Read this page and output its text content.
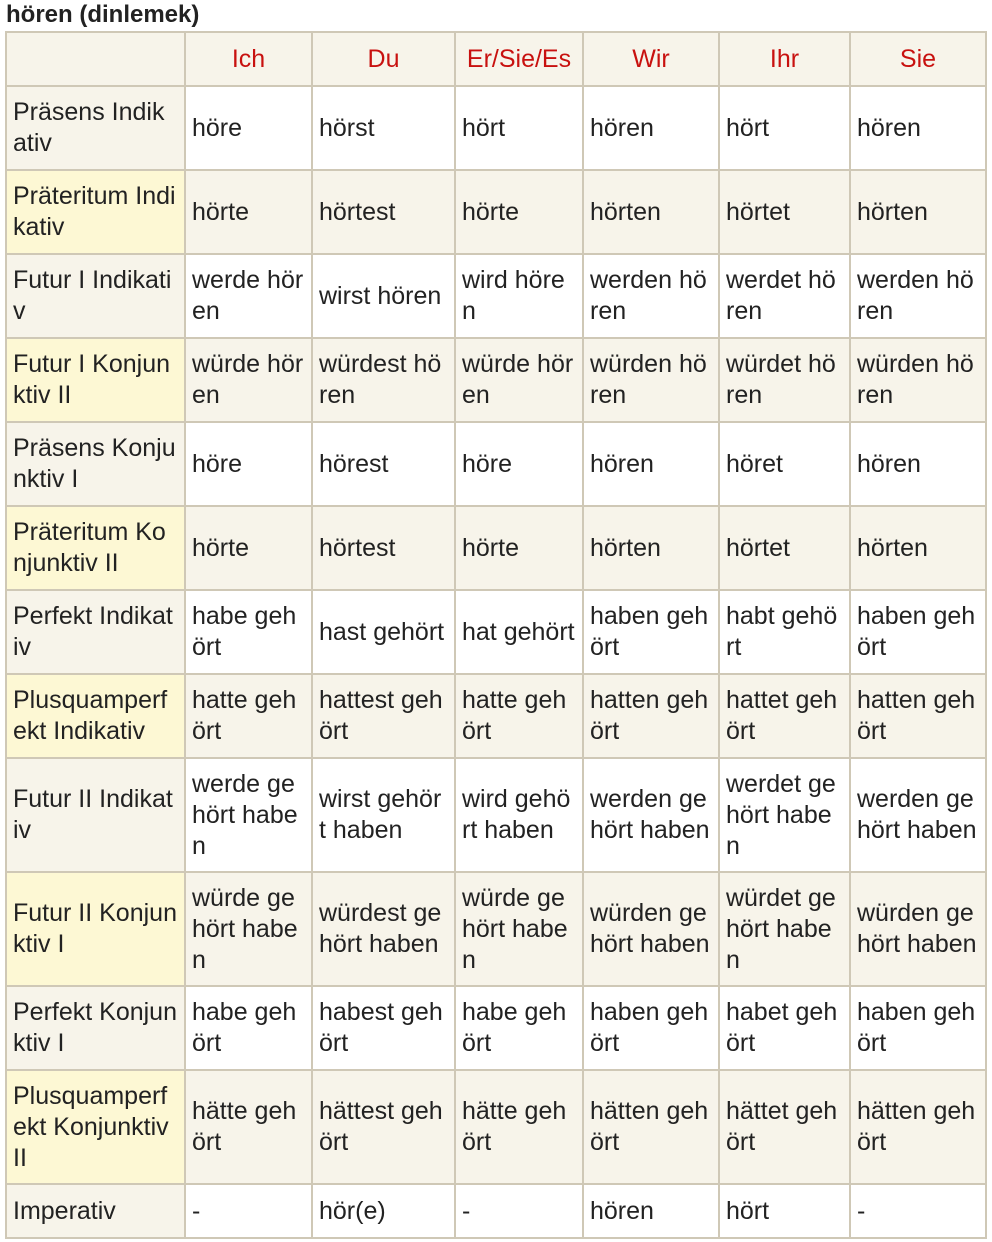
hören (dinlemek)
	Ich	Du	Er/Sie/Es	Wir	Ihr	Sie
Präsens Indikativ	höre	hörst	hört	hören	hört	hören
Präteritum Indikativ	hörte	hörtest	hörte	hörten	hörtet	hörten
Futur I Indikativ	werde hören	wirst hören	wird hören	werden hören	werdet hören	werden hören
Futur I Konjunktiv II	würde hören	würdest hören	würde hören	würden hören	würdet hören	würden hören
Präsens Konjunktiv I	höre	hörest	höre	hören	höret	hören
Präteritum Konjunktiv II	hörte	hörtest	hörte	hörten	hörtet	hörten
Perfekt Indikativ	habe gehört	hast gehört	hat gehört	haben gehört	habt gehört	haben gehört
Plusquamperfekt Indikativ	hatte gehört	hattest gehört	hatte gehört	hatten gehört	hattet gehört	hatten gehört
Futur II Indikativ	werde gehört haben	wirst gehört haben	wird gehört haben	werden gehört haben	werdet gehört haben	werden gehört haben
Futur II Konjunktiv I	würde gehört haben	würdest gehört haben	würde gehört haben	würden gehört haben	würdet gehört haben	würden gehört haben
Perfekt Konjunktiv I	habe gehört	habest gehört	habe gehört	haben gehört	habet gehört	haben gehört
Plusquamperfekt Konjunktiv II	hätte gehört	hättest gehört	hätte gehört	hätten gehört	hättet gehört	hätten gehört
Imperativ	-	hör(e)	-	hören	hört	-
